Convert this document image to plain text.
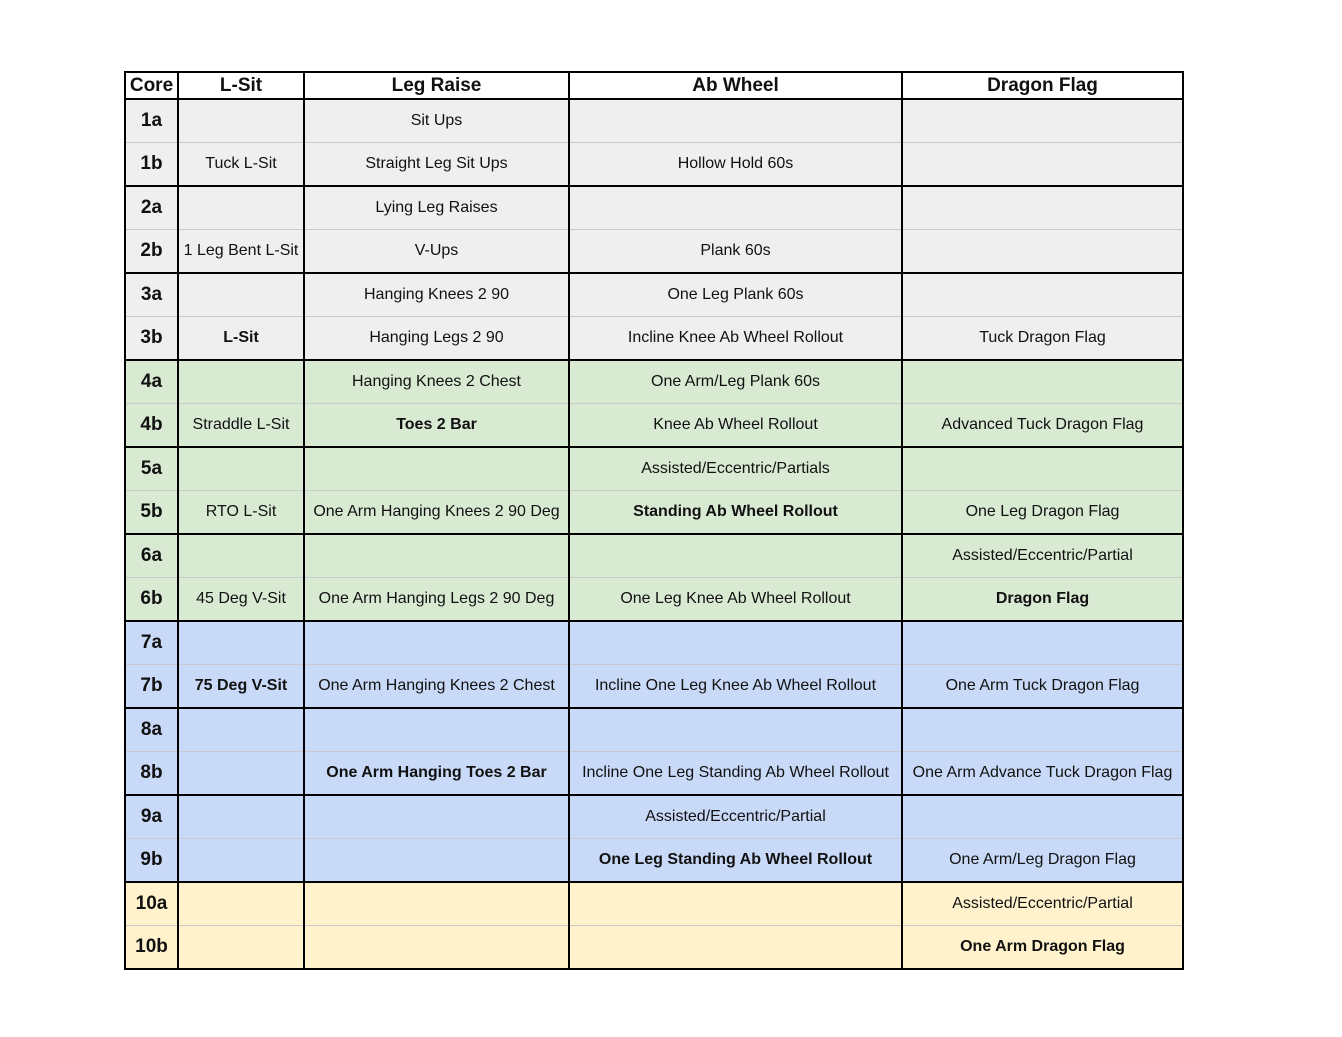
Core	L-Sit	Leg Raise	Ab Wheel	Dragon Flag
1a		Sit Ups		
1b	Tuck L-Sit	Straight Leg Sit Ups	Hollow Hold 60s	
2a		Lying Leg Raises		
2b	1 Leg Bent L-Sit	V-Ups	Plank 60s	
3a		Hanging Knees 2 90	One Leg Plank 60s	
3b	L-Sit	Hanging Legs 2 90	Incline Knee Ab Wheel Rollout	Tuck Dragon Flag
4a		Hanging Knees 2 Chest	One Arm/Leg Plank 60s	
4b	Straddle L-Sit	Toes 2 Bar	Knee Ab Wheel Rollout	Advanced Tuck Dragon Flag
5a			Assisted/Eccentric/Partials	
5b	RTO L-Sit	One Arm Hanging Knees 2 90 Deg	Standing Ab Wheel Rollout	One Leg Dragon Flag
6a				Assisted/Eccentric/Partial
6b	45 Deg V-Sit	One Arm Hanging Legs 2 90 Deg	One Leg Knee Ab Wheel Rollout	Dragon Flag
7a				
7b	75 Deg V-Sit	One Arm Hanging Knees 2 Chest	Incline One Leg Knee Ab Wheel Rollout	One Arm Tuck Dragon Flag
8a				
8b		One Arm Hanging Toes 2 Bar	Incline One Leg Standing Ab Wheel Rollout	One Arm Advance Tuck Dragon Flag
9a			Assisted/Eccentric/Partial	
9b			One Leg Standing Ab Wheel Rollout	One Arm/Leg Dragon Flag
10a				Assisted/Eccentric/Partial
10b				One Arm Dragon Flag
